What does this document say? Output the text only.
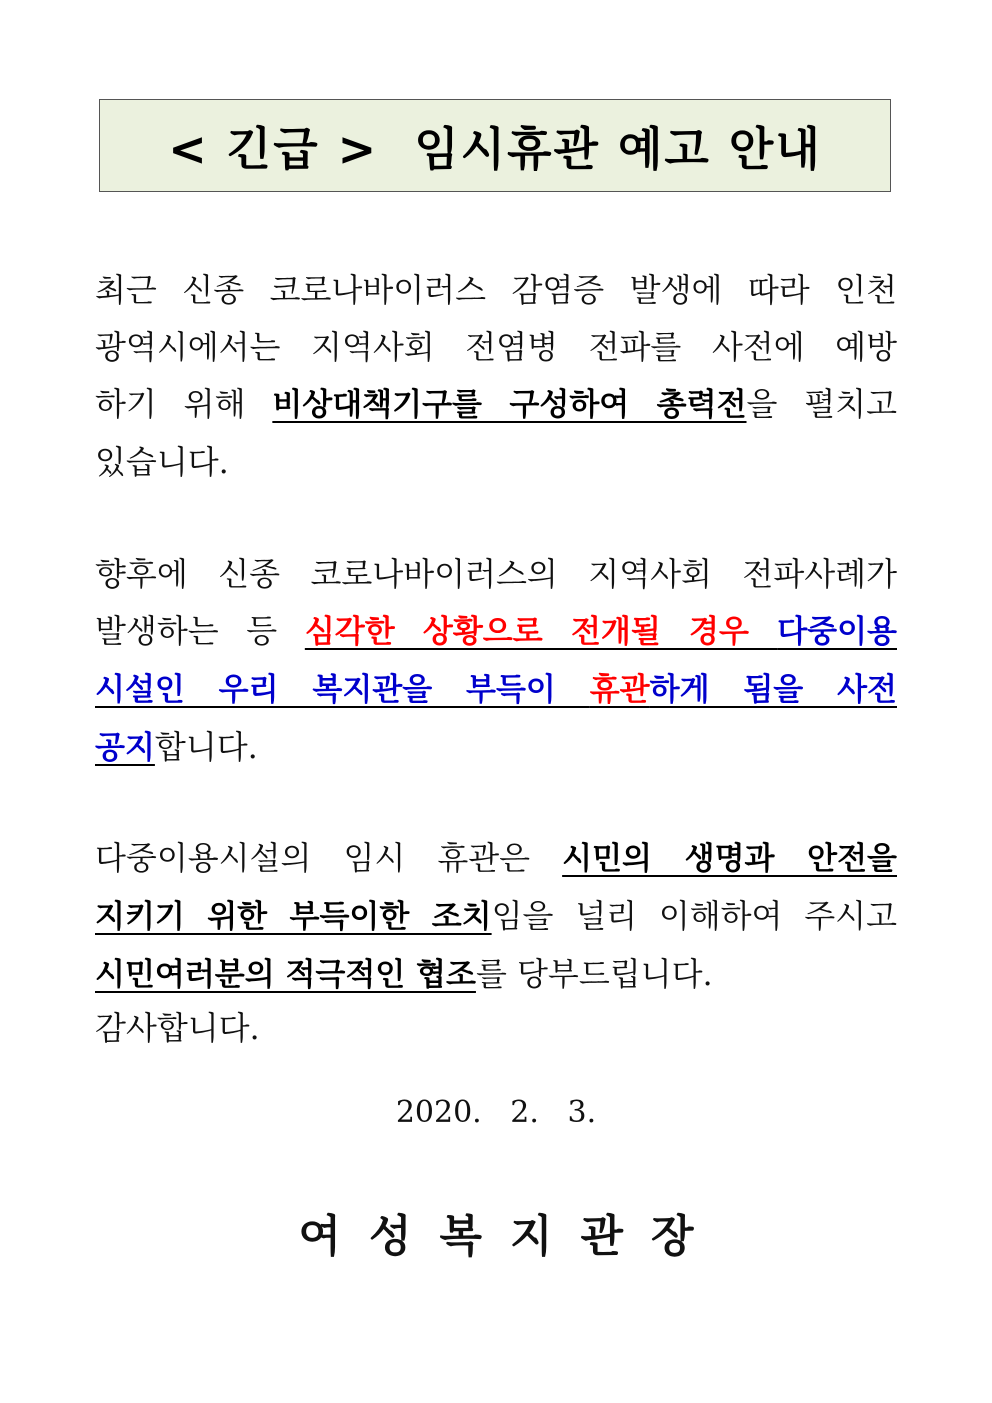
< 긴급 >  임시휴관 예고 안내
최근 신종 코로나바이러스 감염증 발생에 따라 인천
광역시에서는 지역사회 전염병 전파를 사전에 예방
하기 위해 비상대책기구를 구성하여 총력전을 펼치고
있습니다.
향후에 신종 코로나바이러스의 지역사회 전파사례가
발생하는 등 심각한 상황으로 전개될 경우 다중이용
시설인 우리 복지관을 부득이 휴관하게 됨을 사전
공지합니다.
다중이용시설의 임시 휴관은 시민의 생명과 안전을
지키기 위한 부득이한 조치임을 널리 이해하여 주시고
시민여러분의 적극적인 협조를 당부드립니다.
감사합니다.
2020.   2.   3.
여성복지관장
